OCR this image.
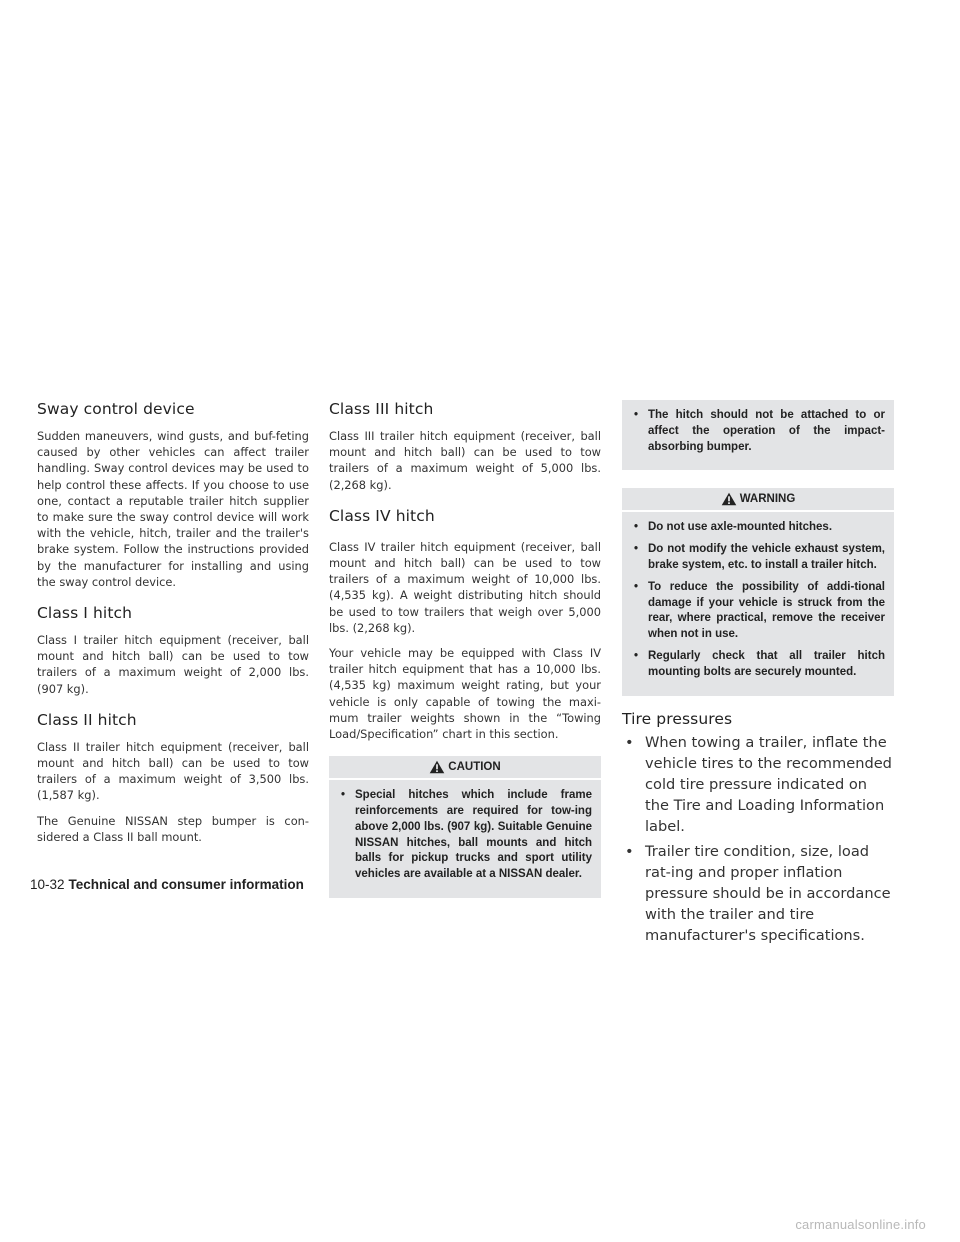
Sway control device

Sudden maneuvers, wind gusts, and buf-feting caused by other vehicles can affect trailer handling. Sway control devices may be used to help control these affects. If you choose to use one, contact a reputable trailer hitch supplier to make sure the sway control device will work with the vehicle, hitch, trailer and the trailer's brake system. Follow the instructions provided by the manufacturer for installing and using the sway control device.

Class I hitch

Class I trailer hitch equipment (receiver, ball mount and hitch ball) can be used to tow trailers of a maximum weight of 2,000 lbs. (907 kg).

Class II hitch

Class II trailer hitch equipment (receiver, ball mount and hitch ball) can be used to tow trailers of a maximum weight of 3,500 lbs. (1,587 kg).

The Genuine NISSAN step bumper is con-sidered a Class II ball mount.

Class III hitch

Class III trailer hitch equipment (receiver, ball mount and hitch ball) can be used to tow trailers of a maximum weight of 5,000 lbs. (2,268 kg).

Class IV hitch

Class IV trailer hitch equipment (receiver, ball mount and hitch ball) can be used to tow trailers of a maximum weight of 10,000 lbs. (4,535 kg). A weight distributing hitch should be used to tow trailers that weigh over 5,000 lbs. (2,268 kg).

Your vehicle may be equipped with Class IV trailer hitch equipment that has a 10,000 lbs. (4,535 kg) maximum weight rating, but your vehicle is only capable of towing the maxi-mum trailer weights shown in the “Towing Load/Specification” chart in this section.

CAUTION
• Special hitches which include frame reinforcements are required for tow-ing above 2,000 lbs. (907 kg). Suitable Genuine NISSAN hitches, ball mounts and hitch balls for pickup trucks and sport utility vehicles are available at a NISSAN dealer.
• The hitch should not be attached to or affect the operation of the impact-absorbing bumper.
WARNING
• Do not use axle-mounted hitches.
• Do not modify the vehicle exhaust system, brake system, etc. to install a trailer hitch.
• To reduce the possibility of addi-tional damage if your vehicle is struck from the rear, where practical, remove the receiver when not in use.
• Regularly check that all trailer hitch mounting bolts are securely mounted.
Tire pressures
• When towing a trailer, inflate the vehicle tires to the recommended cold tire pressure indicated on the Tire and Loading Information label.
• Trailer tire condition, size, load rat-ing and proper inflation pressure should be in accordance with the trailer and tire manufacturer's specifications.
10-32 Technical and consumer information
carmanualsonline.info
